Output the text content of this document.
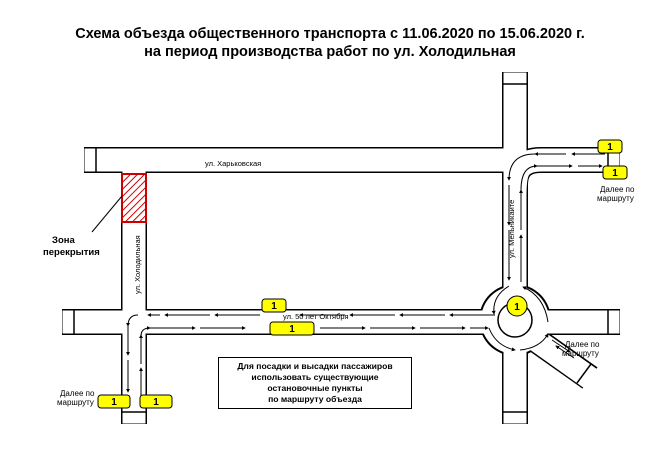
Схема объезда общественного транспорта с 11.06.2020 по 15.06.2020 г.
на период производства работ по ул. Холодильная
Зона
перекрытия
ул. Харьковская
ул. Холодильная
ул. 50 лет Октября
ул. Мельникайте
1
1
1
1
1
1	1
Далее по
маршруту
Далее по
маршруту
Далее по
маршруту
Для посадки и высадки пассажиров
использовать существующие
остановочные пункты
по маршруту объезда
